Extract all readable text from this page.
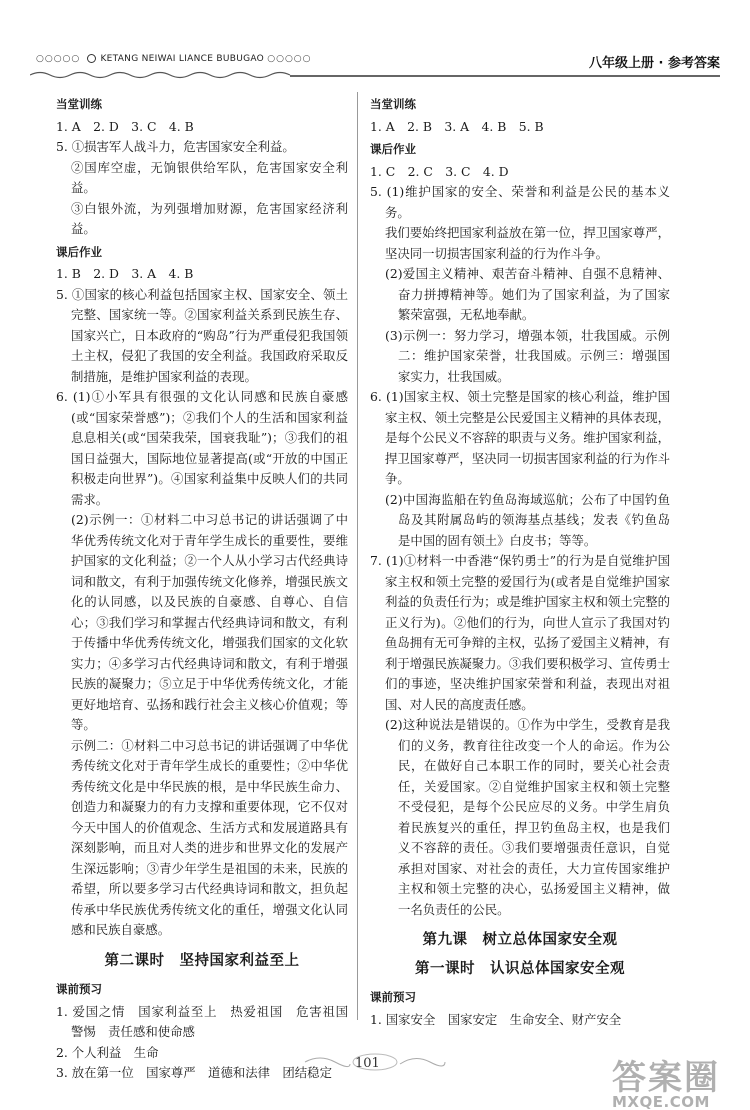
○○○○○ KETANG NEIWAI LIANCE BUBUGAO ○○○○○	八年级上册 · 参考答案
当堂训练

1. A　2. D　3. C　4. B

5. ①损害军人战斗力，危害国家安全利益。

②国库空虚，无饷银供给军队，危害国家安全利益。

③白银外流，为列强增加财源，危害国家经济利益。

课后作业

1. B　2. D　3. A　4. B

5. ①国家的核心利益包括国家主权、国家安全、领土完整、国家统一等。②国家利益关系到民族生存、国家兴亡，日本政府的“购岛”行为严重侵犯我国领土主权，侵犯了我国的安全利益。我国政府采取反制措施，是维护国家利益的表现。

6. (1)①小军具有很强的文化认同感和民族自豪感(或“国家荣誉感”)；②我们个人的生活和国家利益息息相关(或“国荣我荣，国衰我耻”)；③我们的祖国日益强大，国际地位显著提高(或“开放的中国正积极走向世界”)。④国家利益集中反映人们的共同需求。

(2)示例一：①材料二中习总书记的讲话强调了中华优秀传统文化对于青年学生成长的重要性，要维护国家的文化利益；②一个人从小学习古代经典诗词和散文，有利于加强传统文化修养，增强民族文化的认同感，以及民族的自豪感、自尊心、自信心；③我们学习和掌握古代经典诗词和散文，有利于传播中华优秀传统文化，增强我们国家的文化软实力；④多学习古代经典诗词和散文，有利于增强民族的凝聚力；⑤立足于中华优秀传统文化，才能更好地培育、弘扬和践行社会主义核心价值观；等等。

示例二：①材料二中习总书记的讲话强调了中华优秀传统文化对于青年学生成长的重要性；②中华优秀传统文化是中华民族的根，是中华民族生命力、创造力和凝聚力的有力支撑和重要体现，它不仅对今天中国人的价值观念、生活方式和发展道路具有深刻影响，而且对人类的进步和世界文化的发展产生深远影响；③青少年学生是祖国的未来，民族的希望，所以要多学习古代经典诗词和散文，担负起传承中华民族优秀传统文化的重任，增强文化认同感和民族自豪感。

第二课时　坚持国家利益至上
课前预习

1. 爱国之情　国家利益至上　热爱祖国　危害祖国　警惕　责任感和使命感

2. 个人利益　生命

3. 放在第一位　国家尊严　道德和法律　团结稳定

当堂训练

1. A　2. B　3. A　4. B　5. B

课后作业

1. C　2. C　3. C　4. D

5. (1)维护国家的安全、荣誉和利益是公民的基本义务。

我们要始终把国家利益放在第一位，捍卫国家尊严，坚决同一切损害国家利益的行为作斗争。

(2)爱国主义精神、艰苦奋斗精神、自强不息精神、奋力拼搏精神等。她们为了国家利益，为了国家繁荣富强，无私地奉献。

(3)示例一：努力学习，增强本领，壮我国威。示例二：维护国家荣誉，壮我国威。示例三：增强国家实力，壮我国威。

6. (1)国家主权、领土完整是国家的核心利益，维护国家主权、领土完整是公民爱国主义精神的具体表现，是每个公民义不容辞的职责与义务。维护国家利益，捍卫国家尊严，坚决同一切损害国家利益的行为作斗争。

(2)中国海监船在钓鱼岛海域巡航；公布了中国钓鱼岛及其附属岛屿的领海基点基线；发表《钓鱼岛是中国的固有领土》白皮书；等等。

7. (1)①材料一中香港“保钓勇士”的行为是自觉维护国家主权和领土完整的爱国行为(或者是自觉维护国家利益的负责任行为；或是维护国家主权和领土完整的正义行为)。②他们的行为，向世人宣示了我国对钓鱼岛拥有无可争辩的主权，弘扬了爱国主义精神，有利于增强民族凝聚力。③我们要积极学习、宣传勇士们的事迹，坚决维护国家荣誉和利益，表现出对祖国、对人民的高度责任感。

(2)这种说法是错误的。①作为中学生，受教育是我们的义务，教育往往改变一个人的命运。作为公民，在做好自己本职工作的同时，要关心社会责任，关爱国家。②自觉维护国家主权和领土完整不受侵犯，是每个公民应尽的义务。中学生肩负着民族复兴的重任，捍卫钓鱼岛主权，也是我们义不容辞的责任。③我们要增强责任意识，自觉承担对国家、对社会的责任，大力宣传国家维护主权和领土完整的决心，弘扬爱国主义精神，做一名负责任的公民。

第九课　树立总体国家安全观
第一课时　认识总体国家安全观
课前预习

1. 国家安全　国家安定　生命安全、财产安全

101	答案圈
MXQE.COM
